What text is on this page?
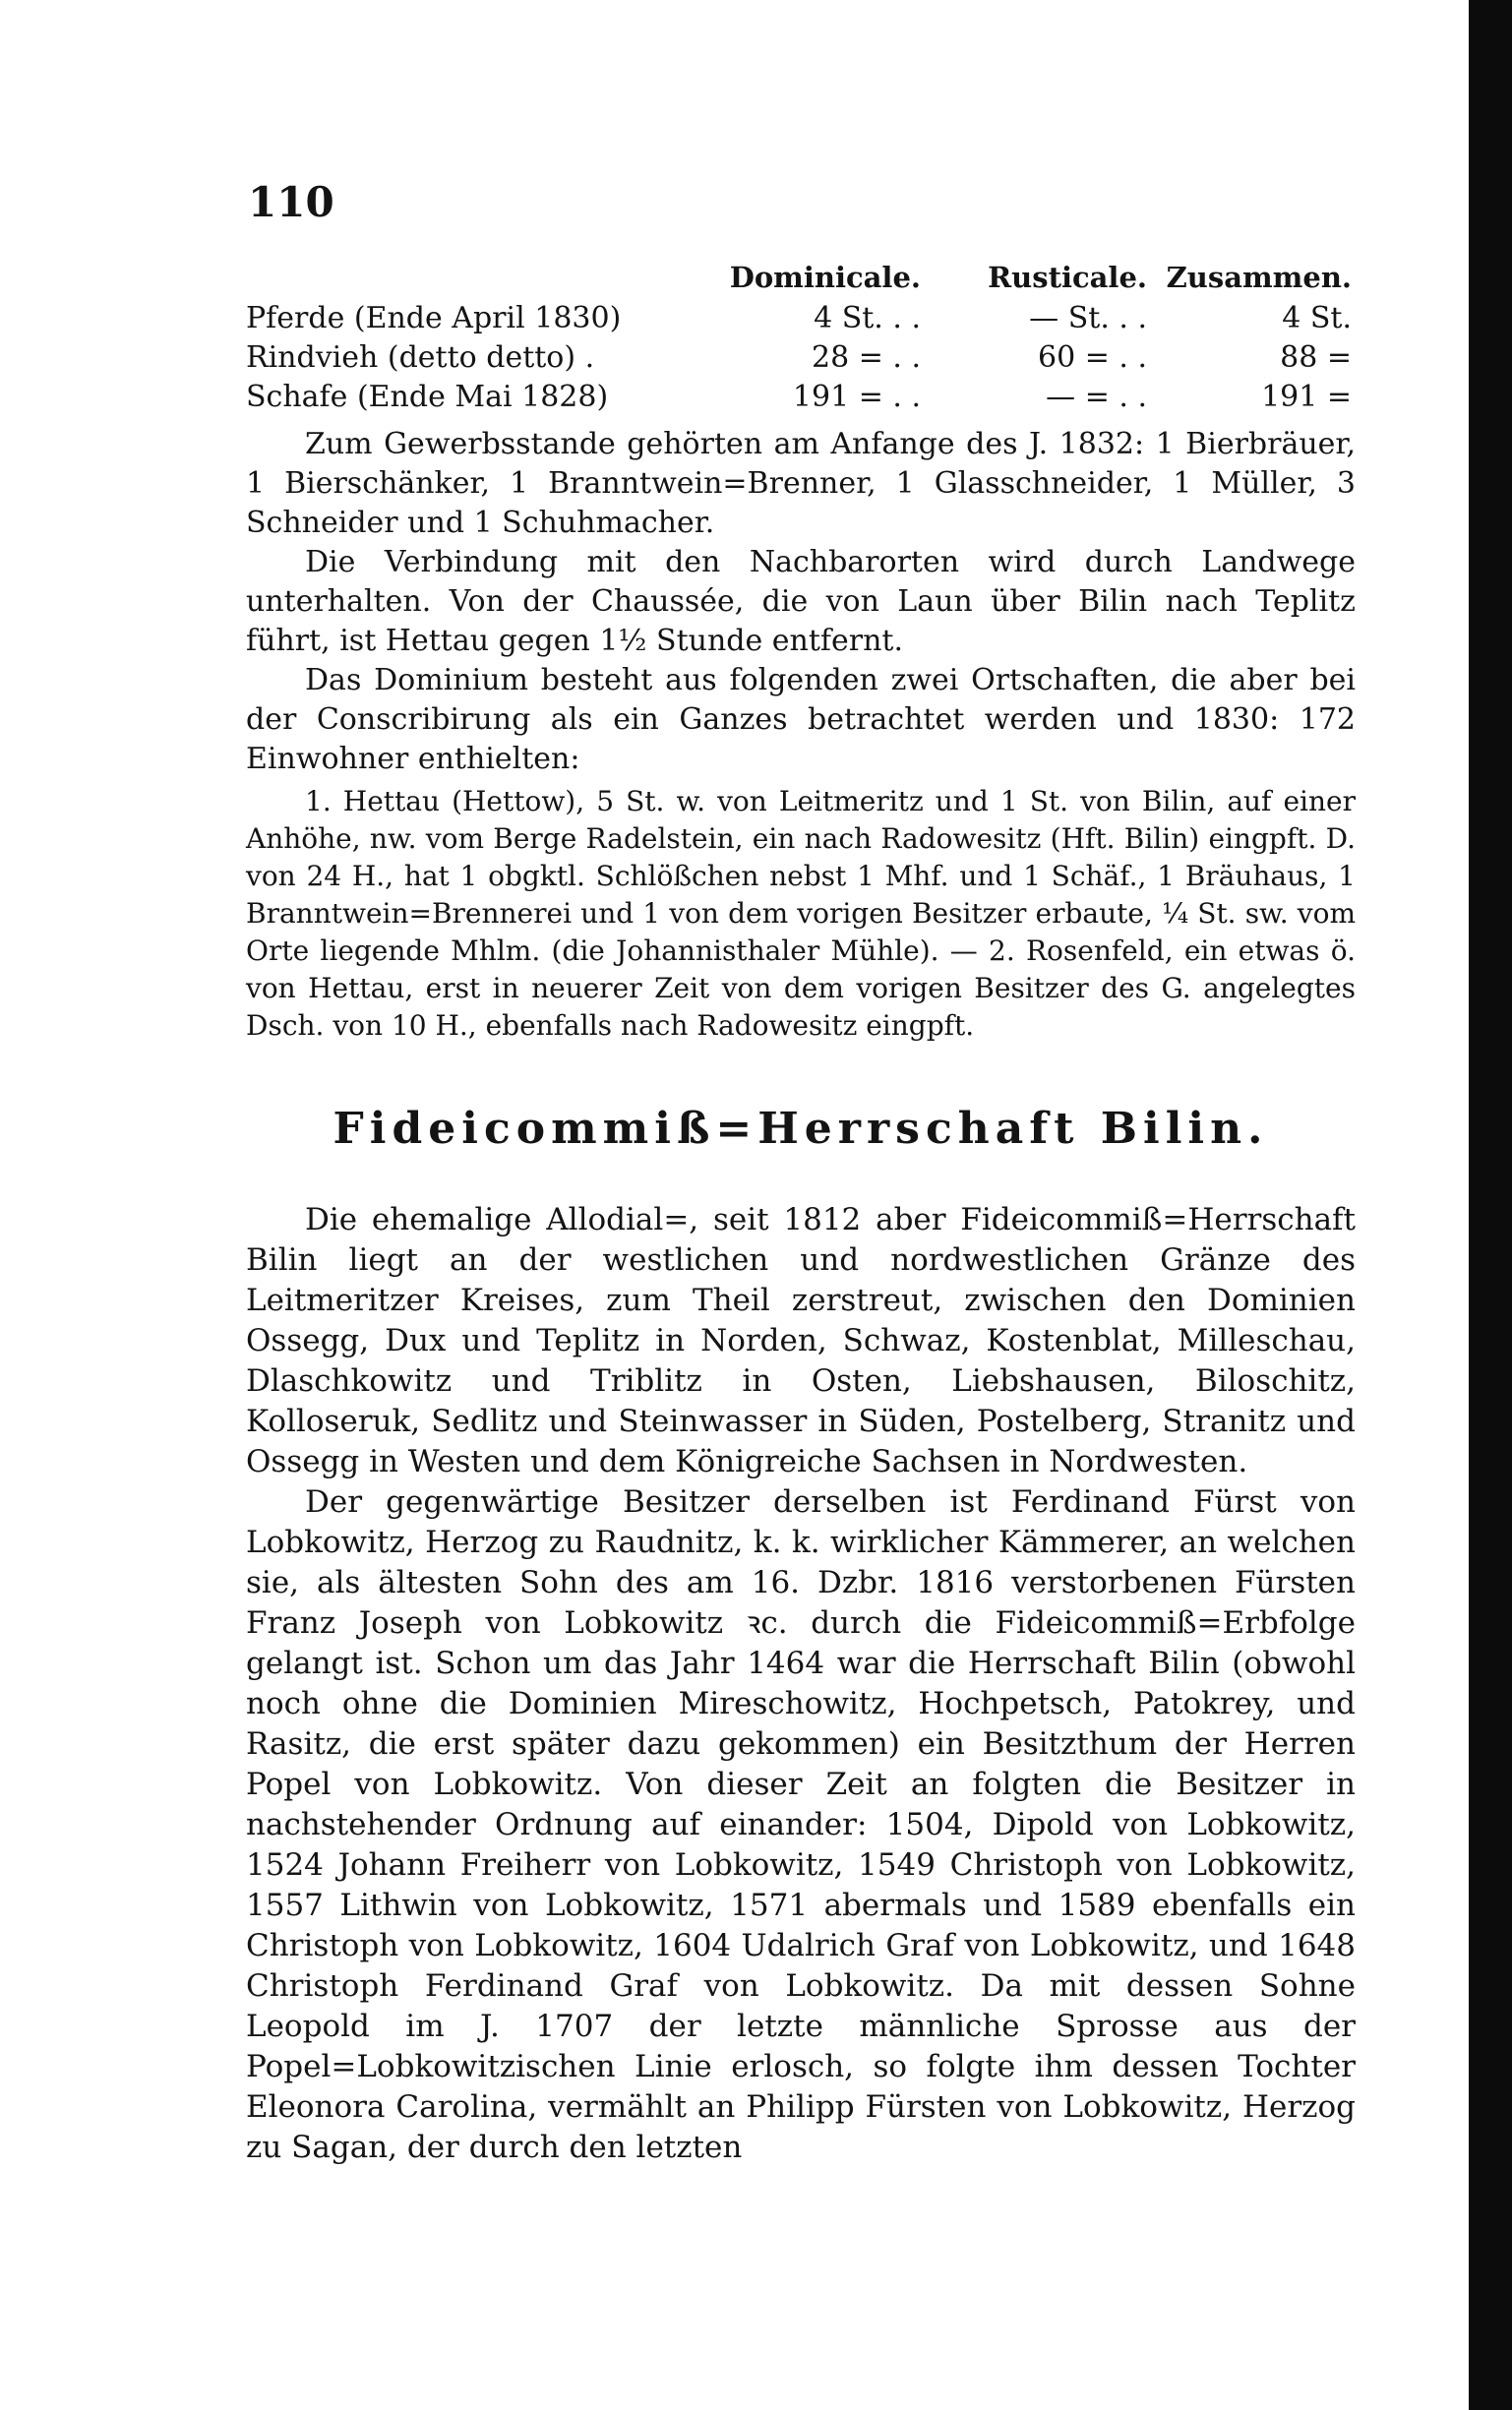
110
	Dominicale.	Rusticale.	Zusammen.
Pferde (Ende April 1830)	4 St. . .	— St. . .	4 St.
Rindvieh (detto detto) .	28 = . .	60 = . .	88 =
Schafe (Ende Mai 1828)	191 = . .	— = . .	191 =

Zum Gewerbsstande gehörten am Anfange des J. 1832: 1 Bierbräuer, 1 Bierschänker, 1 Branntwein=Brenner, 1 Glasschneider, 1 Müller, 3 Schneider und 1 Schuhmacher.

Die Verbindung mit den Nachbarorten wird durch Landwege unterhalten. Von der Chaussée, die von Laun über Bilin nach Teplitz führt, ist Hettau gegen 1½ Stunde entfernt.

Das Dominium besteht aus folgenden zwei Ortschaften, die aber bei der Conscribirung als ein Ganzes betrachtet werden und 1830: 172 Einwohner enthielten:

1. Hettau (Hettow), 5 St. w. von Leitmeritz und 1 St. von Bilin, auf einer Anhöhe, nw. vom Berge Radelstein, ein nach Radowesitz (Hft. Bilin) eingpft. D. von 24 H., hat 1 obgktl. Schlößchen nebst 1 Mhf. und 1 Schäf., 1 Bräuhaus, 1 Branntwein=Brennerei und 1 von dem vorigen Besitzer erbaute, ¼ St. sw. vom Orte liegende Mhlm. (die Johannisthaler Mühle). — 2. Rosenfeld, ein etwas ö. von Hettau, erst in neuerer Zeit von dem vorigen Besitzer des G. angelegtes Dsch. von 10 H., ebenfalls nach Radowesitz eingpft.

Fideicommiß=Herrschaft Bilin.

Die ehemalige Allodial=, seit 1812 aber Fideicommiß=Herrschaft Bilin liegt an der westlichen und nordwestlichen Gränze des Leitmeritzer Kreises, zum Theil zerstreut, zwischen den Dominien Ossegg, Dux und Teplitz in Norden, Schwaz, Kostenblat, Milleschau, Dlaschkowitz und Triblitz in Osten, Liebshausen, Biloschitz, Kolloseruk, Sedlitz und Steinwasser in Süden, Postelberg, Stranitz und Ossegg in Westen und dem Königreiche Sachsen in Nordwesten.

Der gegenwärtige Besitzer derselben ist Ferdinand Fürst von Lobkowitz, Herzog zu Raudnitz, k. k. wirklicher Kämmerer, an welchen sie, als ältesten Sohn des am 16. Dzbr. 1816 verstorbenen Fürsten Franz Joseph von Lobkowitz ꝛc. durch die Fideicommiß=Erbfolge gelangt ist. Schon um das Jahr 1464 war die Herrschaft Bilin (obwohl noch ohne die Dominien Mireschowitz, Hochpetsch, Patokrey, und Rasitz, die erst später dazu gekommen) ein Besitzthum der Herren Popel von Lobkowitz. Von dieser Zeit an folgten die Besitzer in nachstehender Ordnung auf einander: 1504, Dipold von Lobkowitz, 1524 Johann Freiherr von Lobkowitz, 1549 Christoph von Lobkowitz, 1557 Lithwin von Lobkowitz, 1571 abermals und 1589 ebenfalls ein Christoph von Lobkowitz, 1604 Udalrich Graf von Lobkowitz, und 1648 Christoph Ferdinand Graf von Lobkowitz. Da mit dessen Sohne Leopold im J. 1707 der letzte männliche Sprosse aus der Popel=Lobkowitzischen Linie erlosch, so folgte ihm dessen Tochter Eleonora Carolina, vermählt an Philipp Fürsten von Lobkowitz, Herzog zu Sagan, der durch den letzten
